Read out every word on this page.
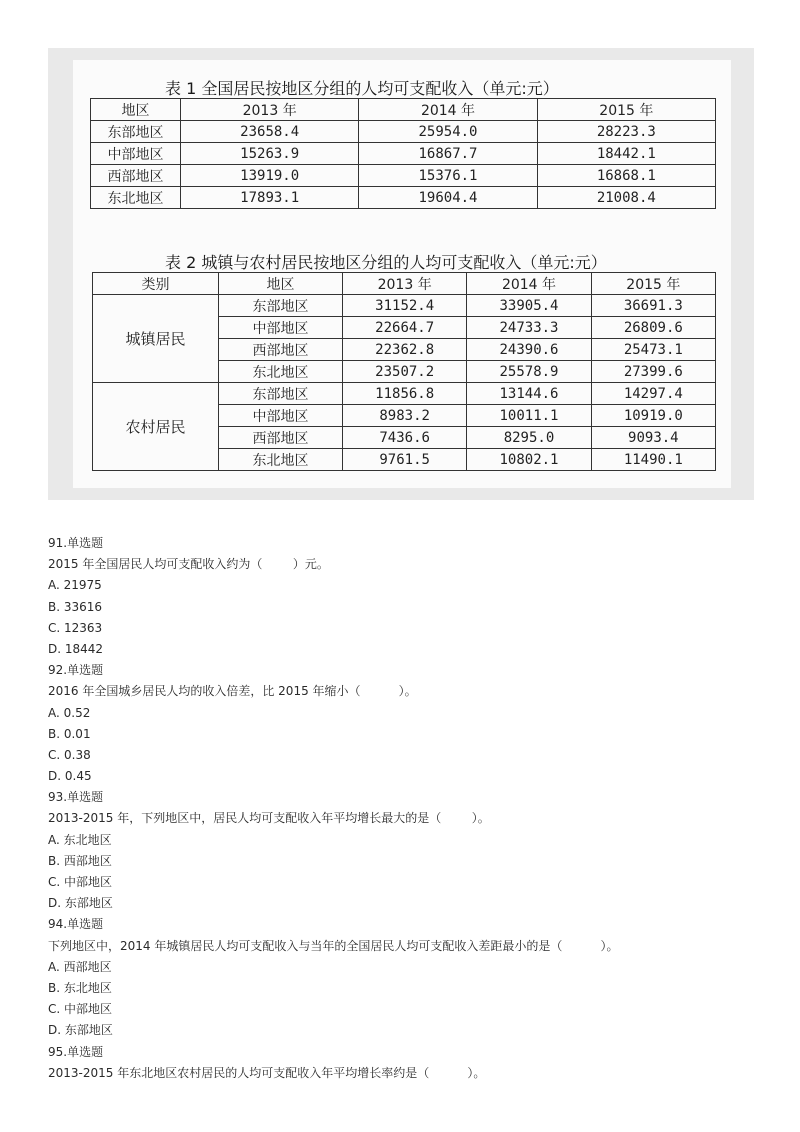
表 1 全国居民按地区分组的人均可支配收入（单元:元）
地区	2013 年	2014 年	2015 年
东部地区	23658.4	25954.0	28223.3
中部地区	15263.9	16867.7	18442.1
西部地区	13919.0	15376.1	16868.1
东北地区	17893.1	19604.4	21008.4
表 2 城镇与农村居民按地区分组的人均可支配收入（单元:元）
类别	地区	2013 年	2014 年	2015 年
城镇居民	东部地区	31152.4	33905.4	36691.3
	中部地区	22664.7	24733.3	26809.6
	西部地区	22362.8	24390.6	25473.1
	东北地区	23507.2	25578.9	27399.6
农村居民	东部地区	11856.8	13144.6	14297.4
	中部地区	8983.2	10011.1	10919.0
	西部地区	7436.6	8295.0	9093.4
	东北地区	9761.5	10802.1	11490.1
91.单选题
2015 年全国居民人均可支配收入约为（        ）元。
A. 21975
B. 33616
C. 12363
D. 18442
92.单选题
2016 年全国城乡居民人均的收入倍差，比 2015 年缩小（          ）。
A. 0.52
B. 0.01
C. 0.38
D. 0.45
93.单选题
2013-2015 年，下列地区中，居民人均可支配收入年平均增长最大的是（        ）。
A. 东北地区
B. 西部地区
C. 中部地区
D. 东部地区
94.单选题
下列地区中，2014 年城镇居民人均可支配收入与当年的全国居民人均可支配收入差距最小的是（          ）。
A. 西部地区
B. 东北地区
C. 中部地区
D. 东部地区
95.单选题
2013-2015 年东北地区农村居民的人均可支配收入年平均增长率约是（          ）。
